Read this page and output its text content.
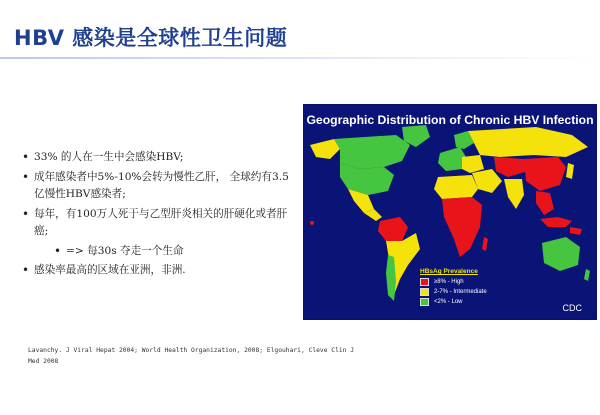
HBV 感染是全球性卫生问题
• 33% 的人在一生中会感染HBV;
• 成年感染者中5%-10%会转为慢性乙肝， 全球约有3.5亿慢性HBV感染者;
• 每年，有100万人死于与乙型肝炎相关的肝硬化或者肝癌;
• => 每30s 夺走一个生命
• 感染率最高的区域在亚洲，非洲.
Geographic Distribution of Chronic HBV Infection
HBsAg Prevalence
≥8% - High
2-7% - Intermediate
<2% - Low
CDC
Lavanchy. J Viral Hepat 2004; World Health Organization, 2008; Elgouhari, Cleve Clin J Med 2008
